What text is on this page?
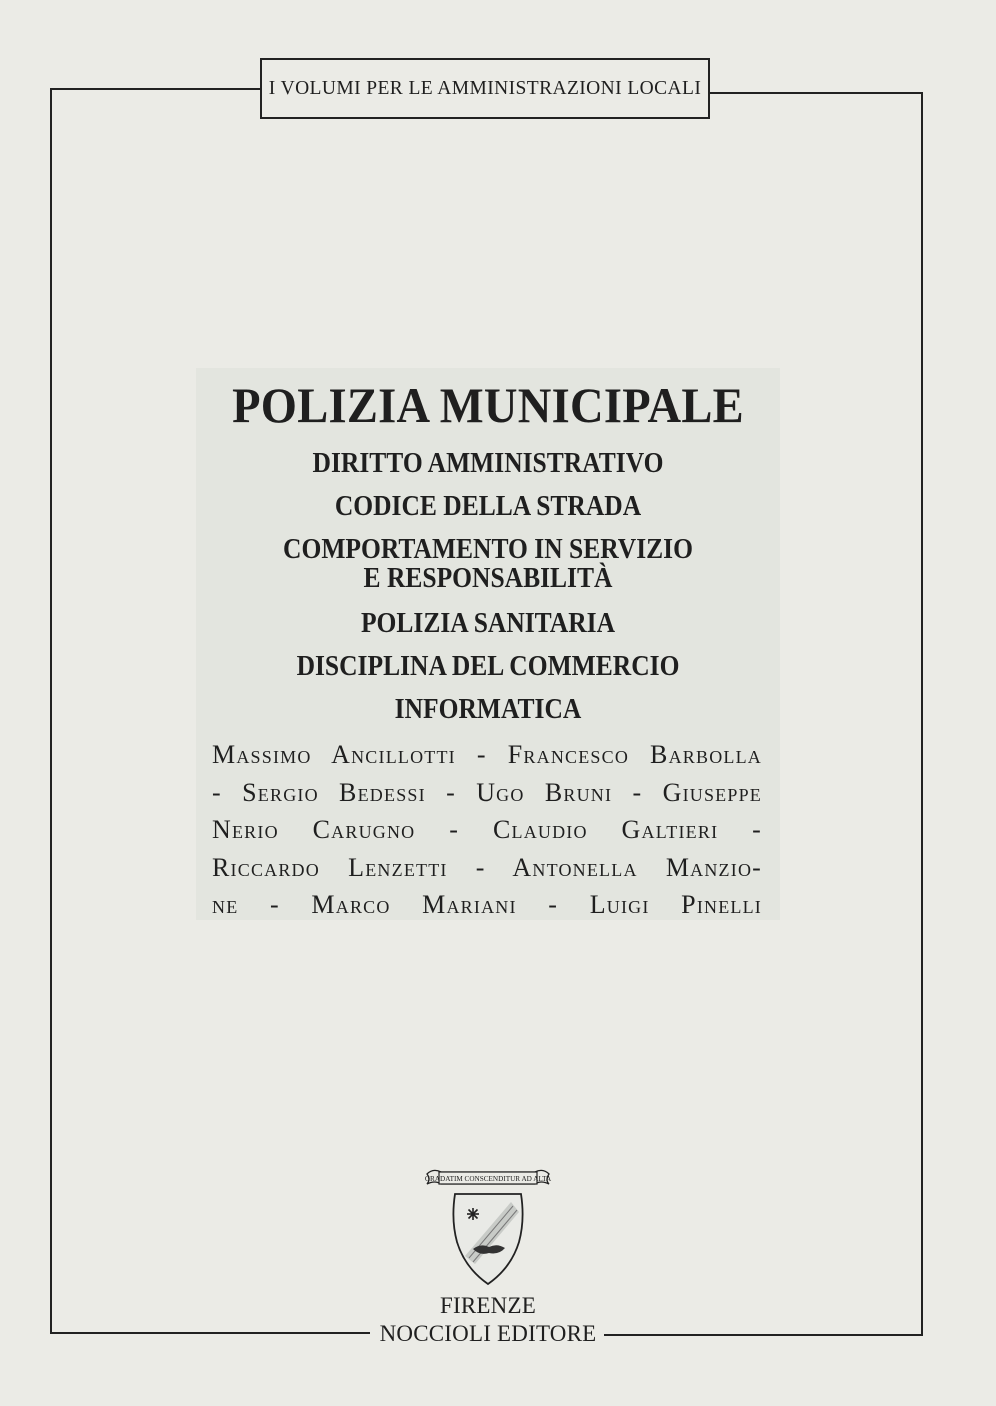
I VOLUMI PER LE AMMINISTRAZIONI LOCALI
POLIZIA MUNICIPALE
DIRITTO AMMINISTRATIVO
CODICE DELLA STRADA
COMPORTAMENTO IN SERVIZIO
E RESPONSABILITÀ
POLIZIA SANITARIA
DISCIPLINA DEL COMMERCIO
INFORMATICA
Massimo Ancillotti - Francesco Barbolla
- Sergio Bedessi - Ugo Bruni - Giuseppe
Nerio Carugno - Claudio Galtieri -
Riccardo Lenzetti - Antonella Manzio-
ne - Marco Mariani - Luigi Pinelli
GRADATIM CONSCENDITUR AD ALTA
FIRENZE
NOCCIOLI EDITORE
